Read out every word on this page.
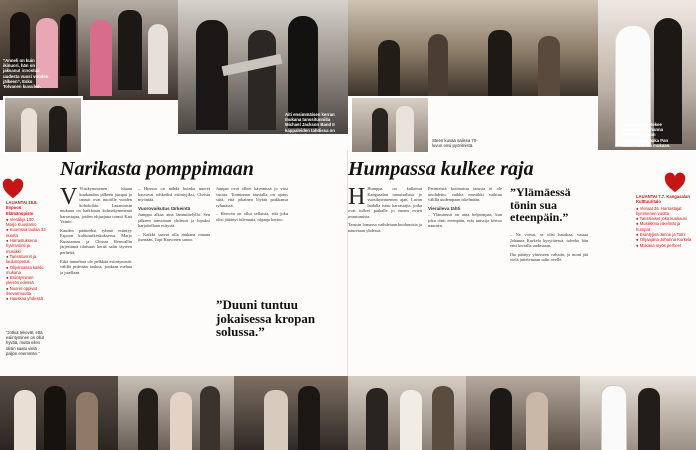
”Anneli on kuin ikinuori, hän on jaksanut innostua uudesta vuosi vuoden jälkeen”, Esko Tolvanen kuvailee.
Aiti ensimmäisen kerran mukana tanssitunnilla Michael Jackson Band II kappaleiden tahdissa on aina hauskaa.
Nuori hääpari tekee taikakuvan Johanna Kurkelan ja Alan ohjaaman Isbaaka Pan Cafen huomen mukaan.
Steen kuvaa salissa 70-luvun ensi pyörimistä.
LAUANTAI 18.8. Espoon Elämänopisto
● Vierailija 100. Marjo Kuustamo
● Kuorossa laulaa 33 nuorta
● Harrastuksena hyvinvointi ja musiikki
● Tanssitunnit ja laulunopetus
● Ohjelmassa kaikki mukana
● Esiintyminen yleisön edessä
● Nuoret oppivat itsevarmuutta
● Hauskaa yhdessä
”Jotkut tekevät, että esiintyminen on ollut hyvää, mutta eilen olisin saatu vielä paljon enemmän.”
Narikasta pomppimaan

V Viisikymmenen hitaan kuukauden jälkeen jumpat ja tanssit ovat nuorille vuoden kohokohta. Lauantaisin mukana on kaikkiaan kolmekymmentä harrastajaa, joiden ohjaajana toimii Kati Vainio.

Kauden päätteeksi ryhmä esiintyy Espoon kulttuurikeskuksessa. Marjo Kuustamon ja Christa Renwallin järjestämä tilaisuus kerää salin täyteen perheitä.

Eikä tunnelma ole pelkkää esiintymistä: välillä pidetään taukoa, juodaan mehua ja jutellaan.

– Hienoa on nähdä kuinka nuoret kasvavat rohkeiksi esiintyjiksi, Christa myöntää.

Vuorovaikutus tärkeintä

Jumppa alkaa aina lämmittelyllä. Sen jälkeen tanssitaan yhdessä ja lopuksi harjoitellaan esitystä.

– Kaikki saavat olla mukana omana itsenään, Topi Karvonen sanoo.

Jumpat ovat olleet käynnissä jo viisi vuotta. Toiminnan taustalla on ajatus siitä, että jokainen löytää paikkansa ryhmässä.

– Harvoin on ollut sellaista, että joku olisi jättänyt tulematta, ohjaaja kertoo.

”Duuni tuntuu jokaisessa kropan solussa.”
Humpassa kulkee raja

H Humppa on kulkenut Kangasalan tanssisalissa jo vuosikymmenten ajan. Lavan laidalla istuu harrastajia, jotka ovat tulleet paikalle jo ennen ovien avautumista.

Tanssin lomassa vaihdetaan kuulumisia ja nauretaan yhdessä.

Perinteistä kotimaista tanssia ei ole unohdettu, vaikka musiikki vaihtuu välillä uudempaan iskelmään.

Vieraileva tähti

– Ylämäessä on aina helpompaa, kun joku tönii eteenpäin, eräs tanssija kertoo nauraen.

”Ylämäessä tönin sua eteenpäin.”

– Ne voivat, se olisi hauskaa, vastaa Johanna Kurkela kysyttäessä, tuleeko hän ensi kerralla uudestaan.

Ilta päättyy yhteiseen valssiin, ja moni jää vielä juttelemaan salin ovelle.

LAUANTAI 7.7. Kangasalan Kulttuuritalo
● Vieraat 36. Harrastajat kymmenen vuotta
● Tanssiaiset joka kuukausi
● Musiikkina iskelmät ja humpat
● Esiintyjinä Janne ja Tomi
● Ohjaajana Johanna Kurkela
● Mukana myös perheet
